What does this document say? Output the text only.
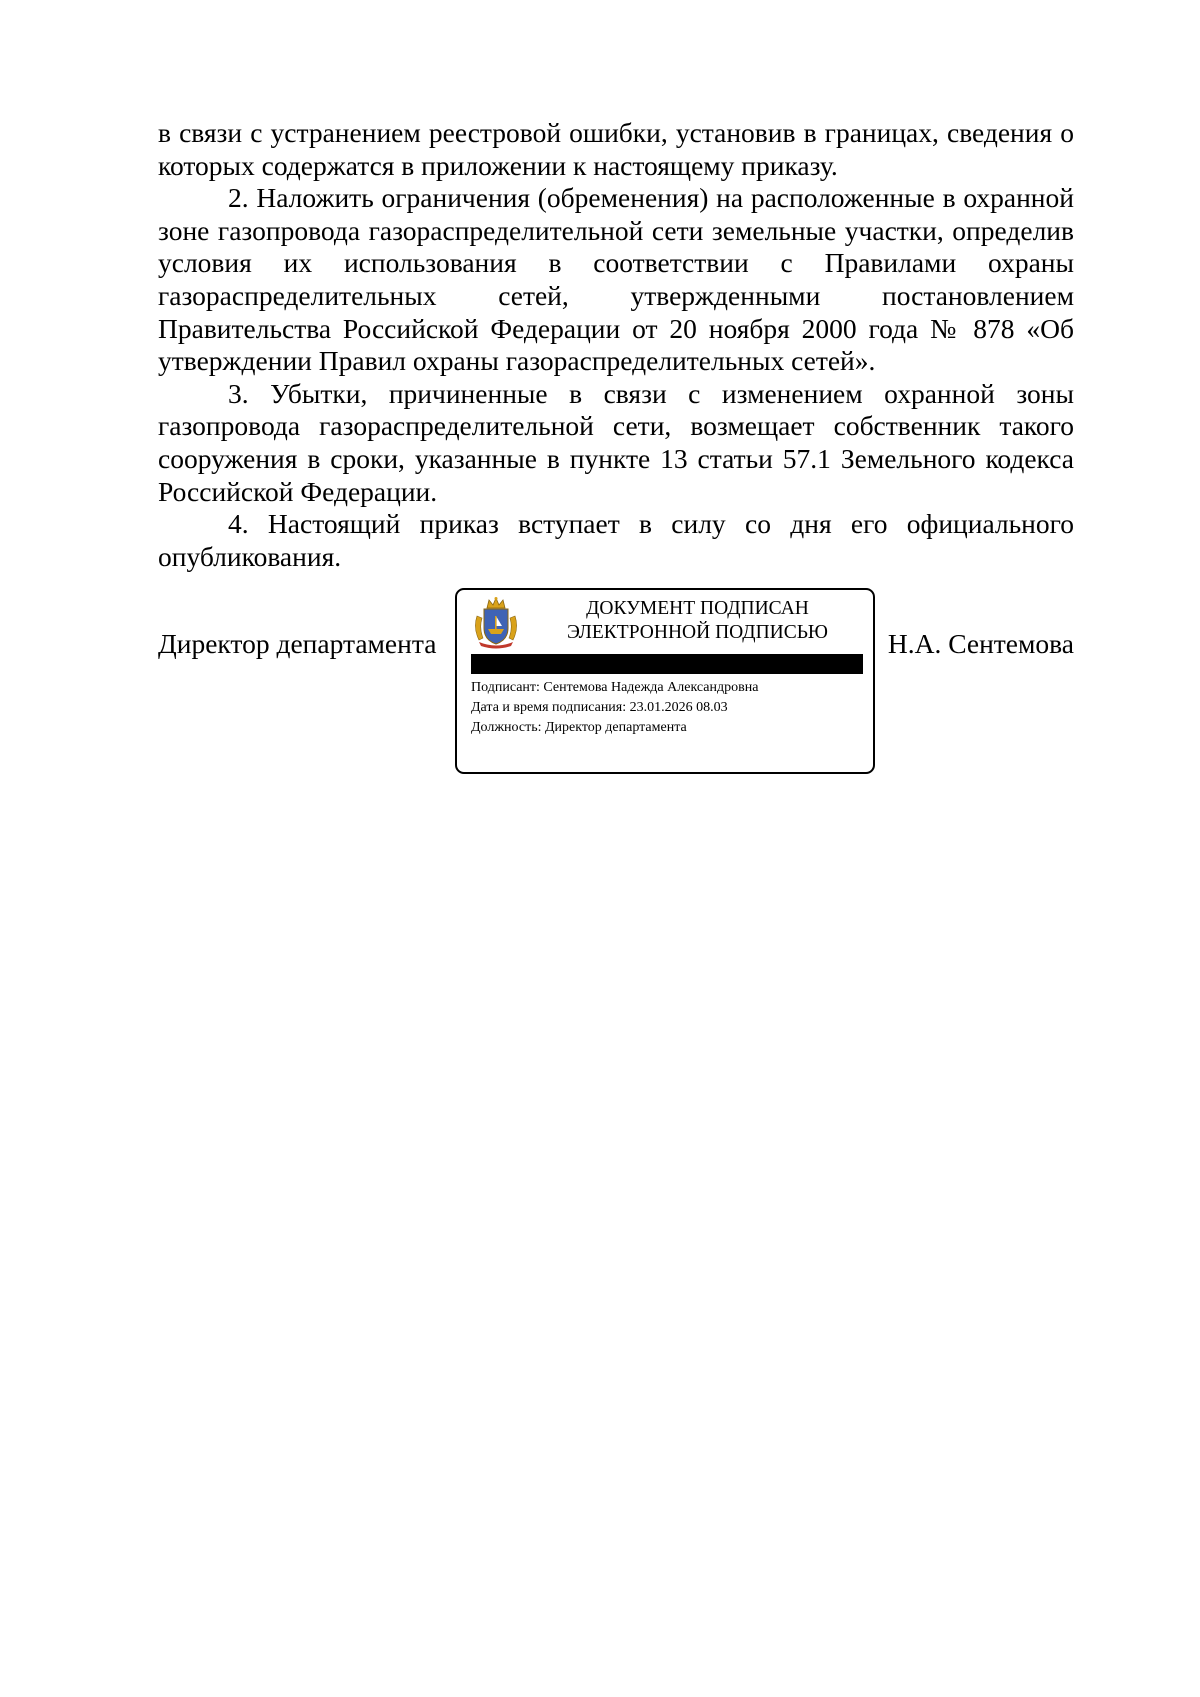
в связи с устранением реестровой ошибки, установив в границах, сведения о которых содержатся в приложении к настоящему приказу.

2. Наложить ограничения (обременения) на расположенные в охранной зоне газопровода газораспределительной сети земельные участки, определив условия их использования в соответствии с Правилами охраны газораспределительных сетей, утвержденными постановлением Правительства Российской Федерации от 20 ноября 2000 года № 878 «Об утверждении Правил охраны газораспределительных сетей».

3. Убытки, причиненные в связи с изменением охранной зоны газопровода газораспределительной сети, возмещает собственник такого сооружения в сроки, указанные в пункте 13 статьи 57.1 Земельного кодекса Российской Федерации.

4. Настоящий приказ вступает в силу со дня его официального опубликования.

Директор департамента
ДОКУМЕНТ ПОДПИСАН
ЭЛЕКТРОННОЙ ПОДПИСЬЮ
Подписант: Сентемова Надежда Александровна
Дата и время подписания: 23.01.2026 08.03
Должность: Директор департамента
Н.А. Сентемова
